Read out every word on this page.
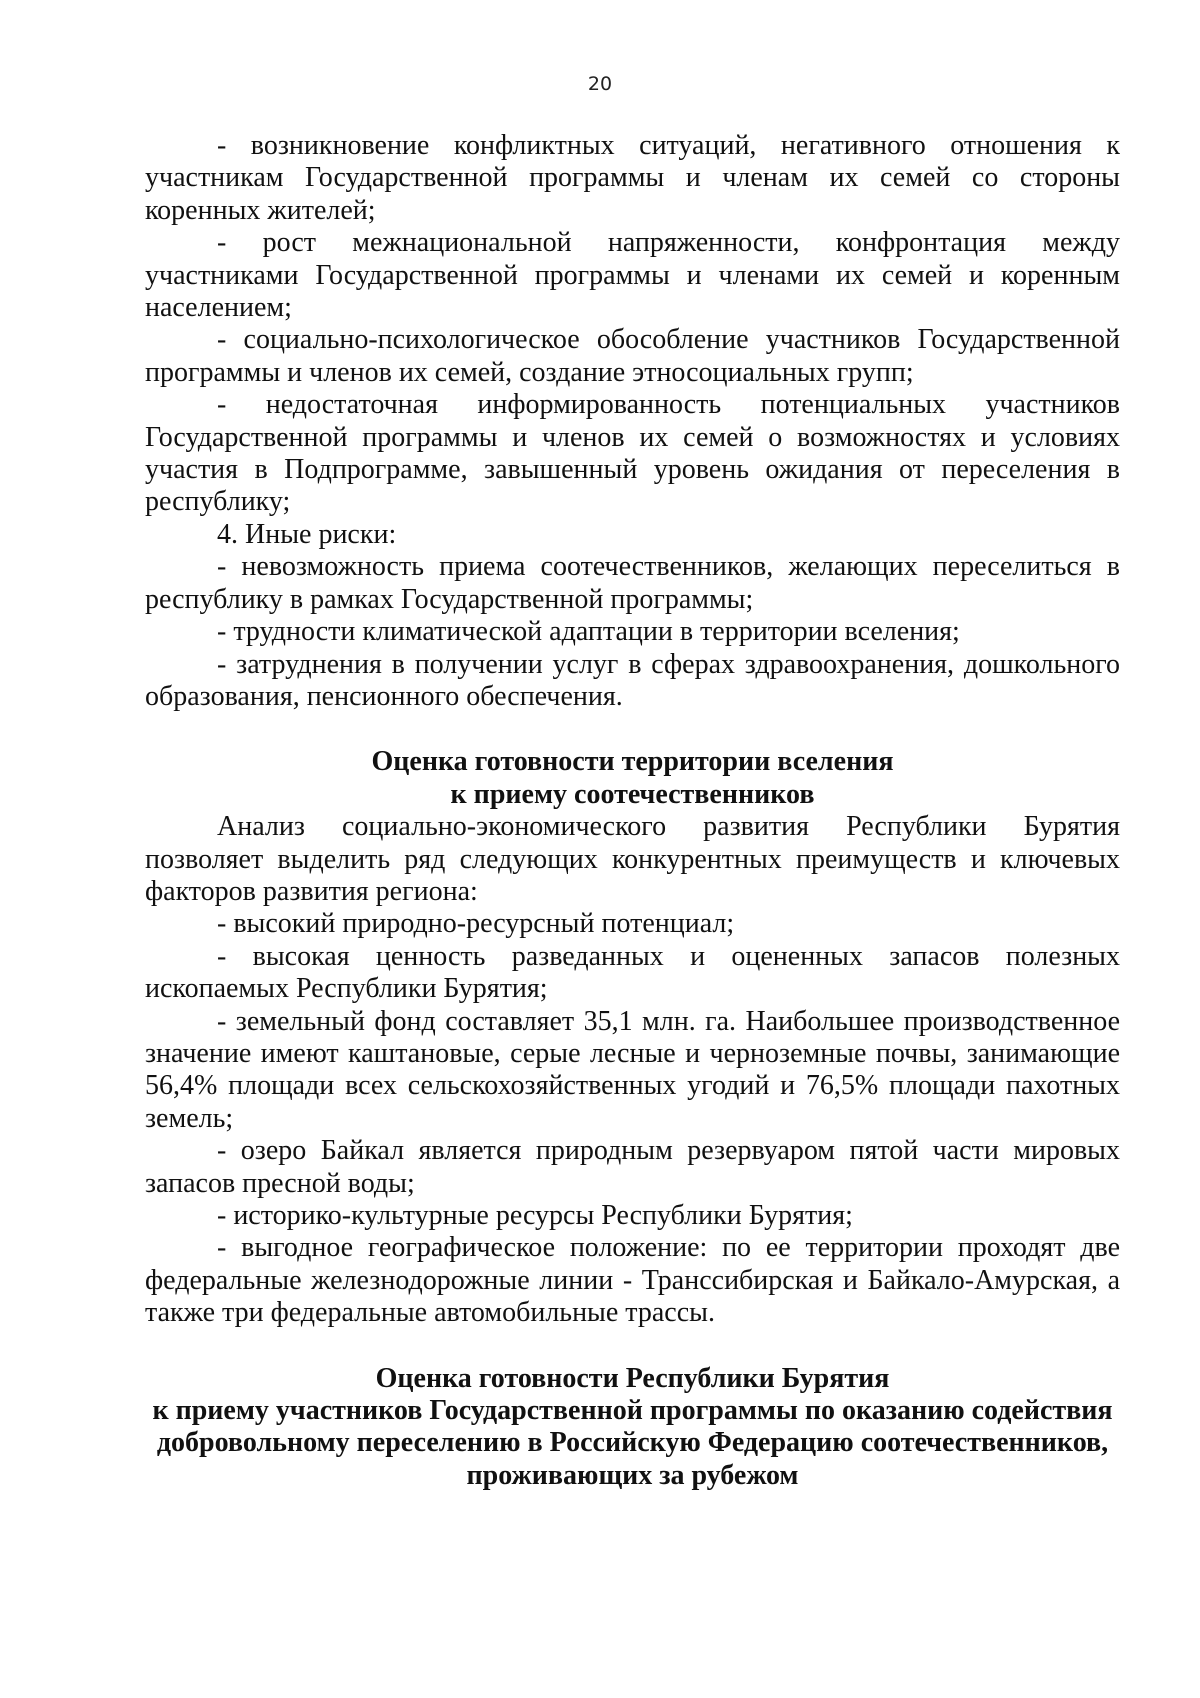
20

- возникновение конфликтных ситуаций, негативного отношения к участникам Государственной программы и членам их семей со стороны коренных жителей;

- рост межнациональной напряженности, конфронтация между участниками Государственной программы и членами их семей и коренным населением;

- социально-психологическое обособление участников Государственной программы и членов их семей, создание этносоциальных групп;

- недостаточная информированность потенциальных участников Государственной программы и членов их семей о возможностях и условиях участия в Подпрограмме, завышенный уровень ожидания от переселения в республику;

4. Иные риски:

- невозможность приема соотечественников, желающих переселиться в республику в рамках Государственной программы;

- трудности климатической адаптации в территории вселения;

- затруднения в получении услуг в сферах здравоохранения, дошкольного образования, пенсионного обеспечения.

Оценка готовности территории вселения

к приему соотечественников

Анализ социально-экономического развития Республики Бурятия позволяет выделить ряд следующих конкурентных преимуществ и ключевых факторов развития региона:

- высокий природно-ресурсный потенциал;

- высокая ценность разведанных и оцененных запасов полезных ископаемых Республики Бурятия;

- земельный фонд составляет 35,1 млн. га. Наибольшее производственное значение имеют каштановые, серые лесные и черноземные почвы, занимающие 56,4% площади всех сельскохозяйственных угодий и 76,5% площади пахотных земель;

- озеро Байкал является природным резервуаром пятой части мировых запасов пресной воды;

- историко-культурные ресурсы Республики Бурятия;

- выгодное географическое положение: по ее территории проходят две федеральные железнодорожные линии - Транссибирская и Байкало-Амурская, а также три федеральные автомобильные трассы.

Оценка готовности Республики Бурятия

к приему участников Государственной программы по оказанию содействия добровольному переселению в Российскую Федерацию соотечественников, проживающих за рубежом
